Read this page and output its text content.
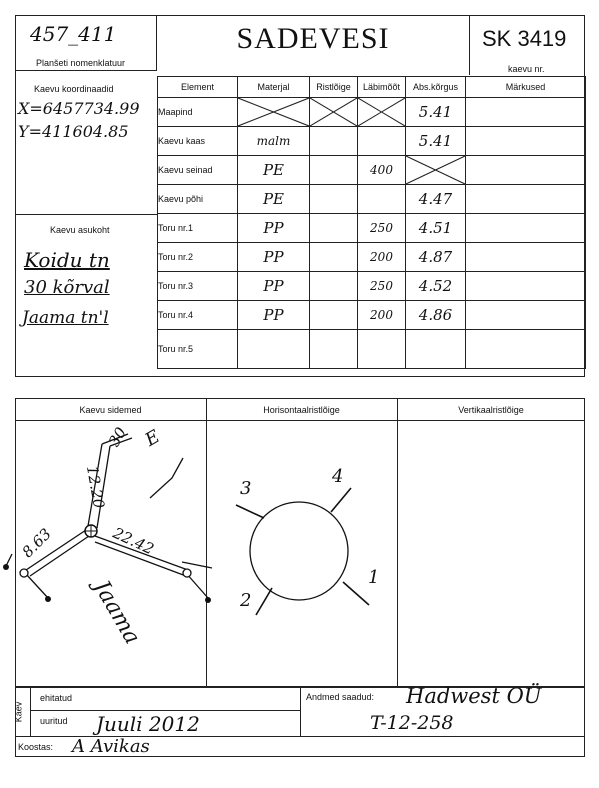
457_411
Planšeti nomenklatuur
SADEVESI	SK 3419
kaevu nr.
Kaevu koordinaadid
X=6457734.99
Y=411604.85
Kaevu asukoht
Koidu tn
30 kõrval
Jaama tn'l
Element	Materjal	Ristlõige	Läbimõõt	Abs.kõrgus	Märkused
Maapind				5.41	
Kaevu kaas	malm			5.41	
Kaevu seinad	PE		400	

Kaevu põhi	PE			4.47	
Toru nr.1	PP		250	4.51	
Toru nr.2	PP		200	4.87	
Toru nr.3	PP		250	4.52	
Toru nr.4	PP		200	4.86	
Toru nr.5					
Kaevu sidemed	Horisontaalristlõige	Vertikaalristlõige
30 E
12.20
8.63	22.42
Jaama
3
4
1
2
Kaev
ehitatud
uuritud Juuli 2012
Andmed saadud: Hadwest OÜ
T-12-258
Koostas: A Avikas
